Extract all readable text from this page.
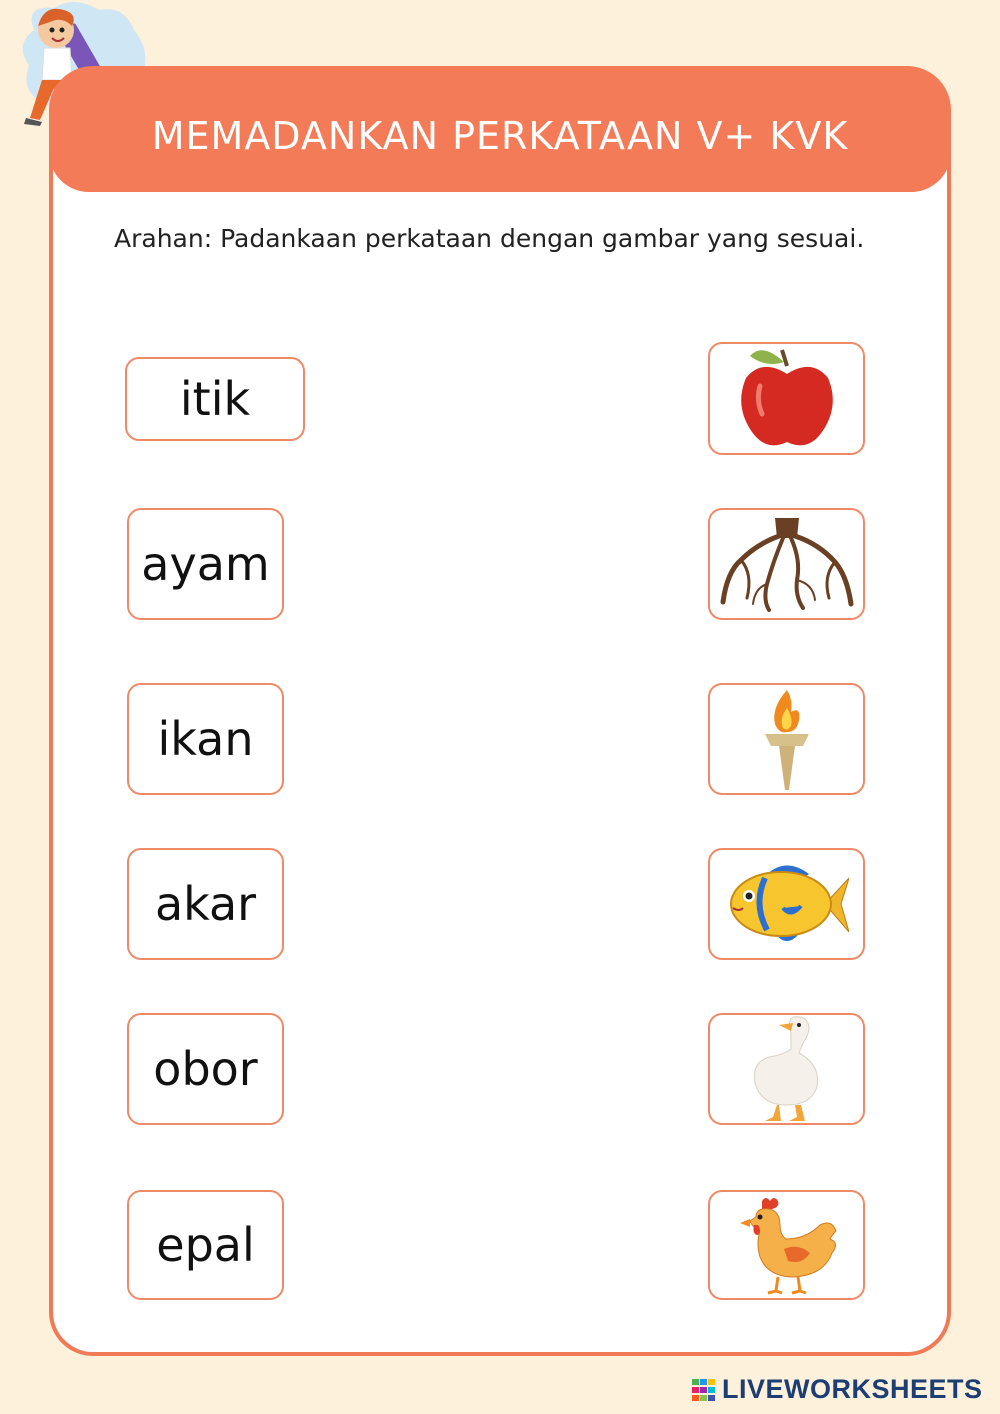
MEMADANKAN PERKATAAN V+ KVK
Arahan: Padankaan perkataan dengan gambar yang sesuai.
itik
ayam
ikan
akar
obor
epal
LIVEWORKSHEETS
